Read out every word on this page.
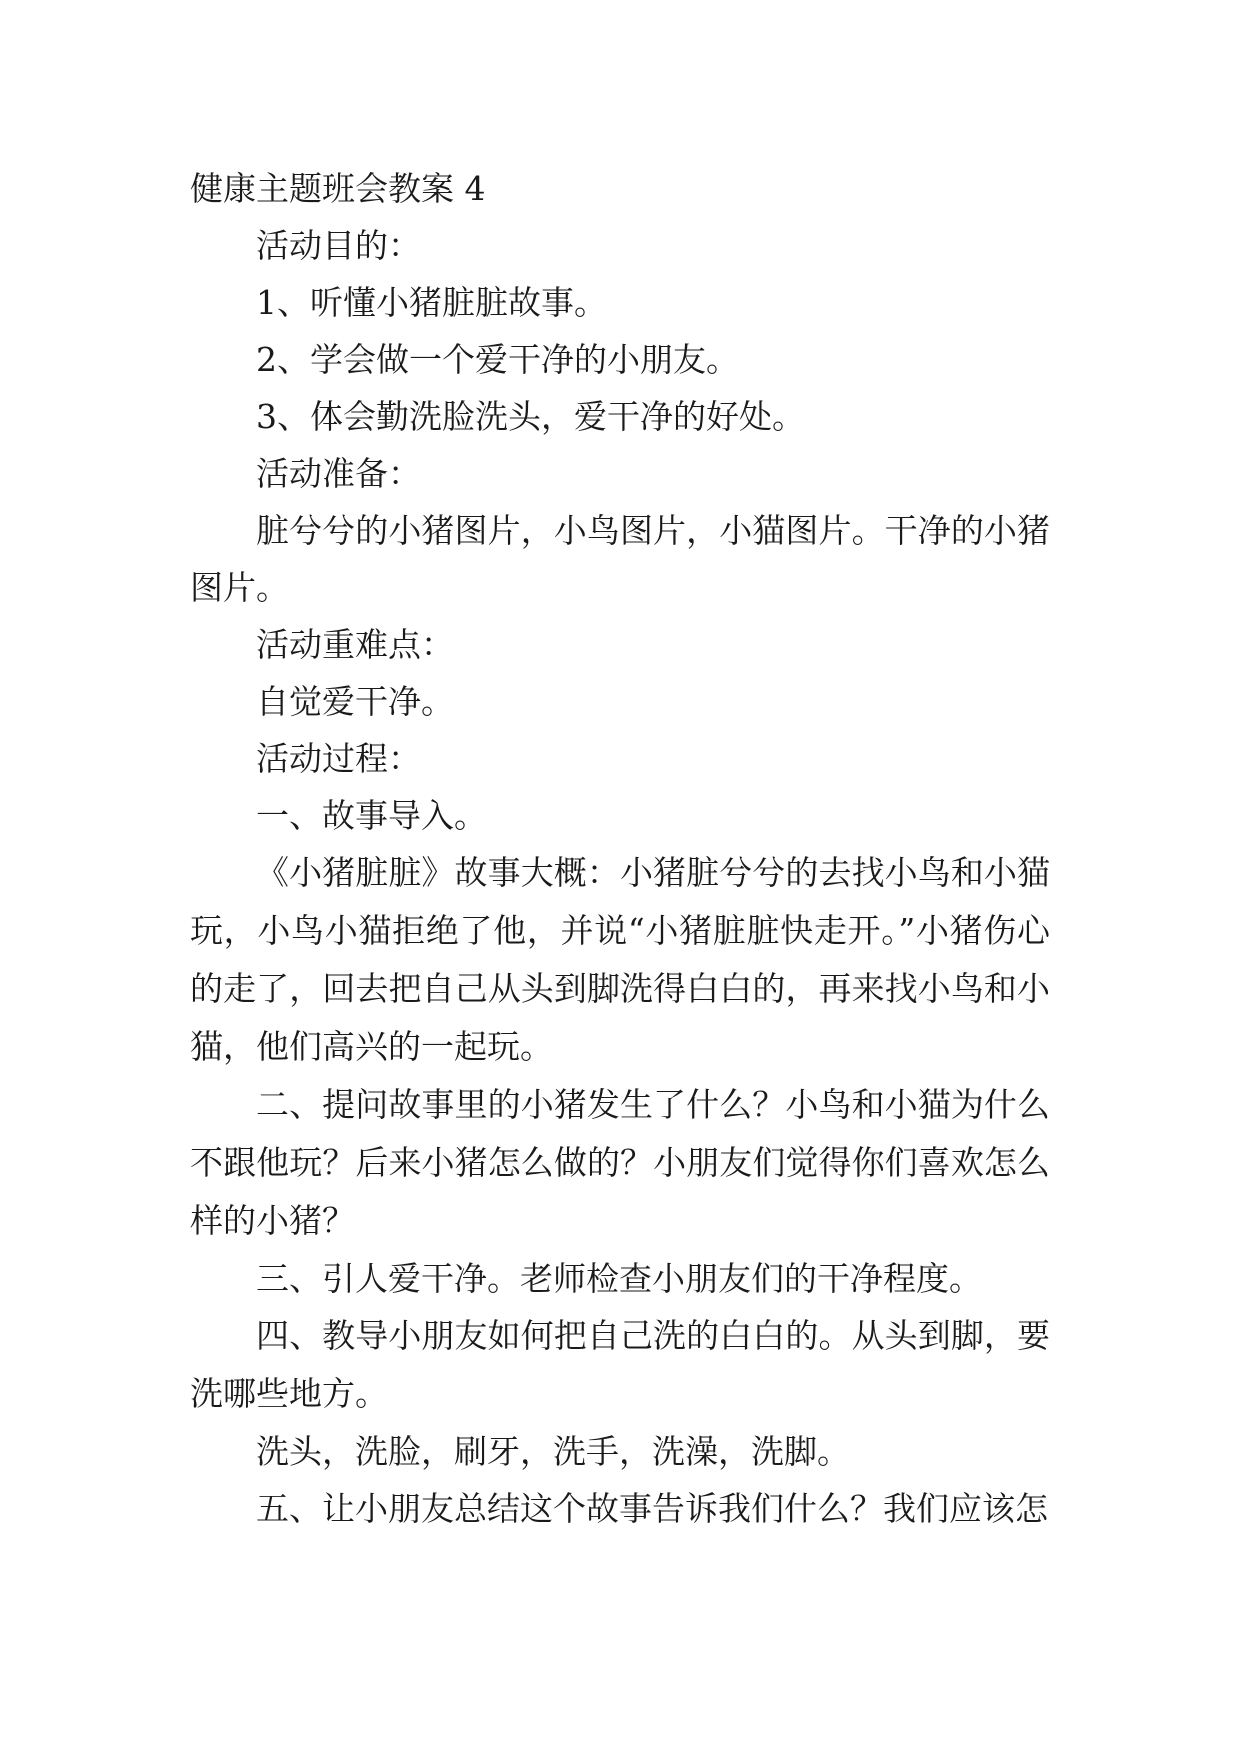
健康主题班会教案 4

活动目的：

1、听懂小猪脏脏故事。

2、学会做一个爱干净的小朋友。

3、体会勤洗脸洗头，爱干净的好处。

活动准备：

脏兮兮的小猪图片，小鸟图片，小猫图片。干净的小猪图片。

活动重难点：

自觉爱干净。

活动过程：

一、故事导入。

《小猪脏脏》故事大概：小猪脏兮兮的去找小鸟和小猫玩，小鸟小猫拒绝了他，并说“小猪脏脏快走开。”小猪伤心的走了，回去把自己从头到脚洗得白白的，再来找小鸟和小猫，他们高兴的一起玩。

二、提问故事里的小猪发生了什么？小鸟和小猫为什么不跟他玩？后来小猪怎么做的？小朋友们觉得你们喜欢怎么样的小猪？

三、引人爱干净。老师检查小朋友们的干净程度。

四、教导小朋友如何把自己洗的白白的。从头到脚，要洗哪些地方。

洗头，洗脸，刷牙，洗手，洗澡，洗脚。

五、让小朋友总结这个故事告诉我们什么？我们应该怎
